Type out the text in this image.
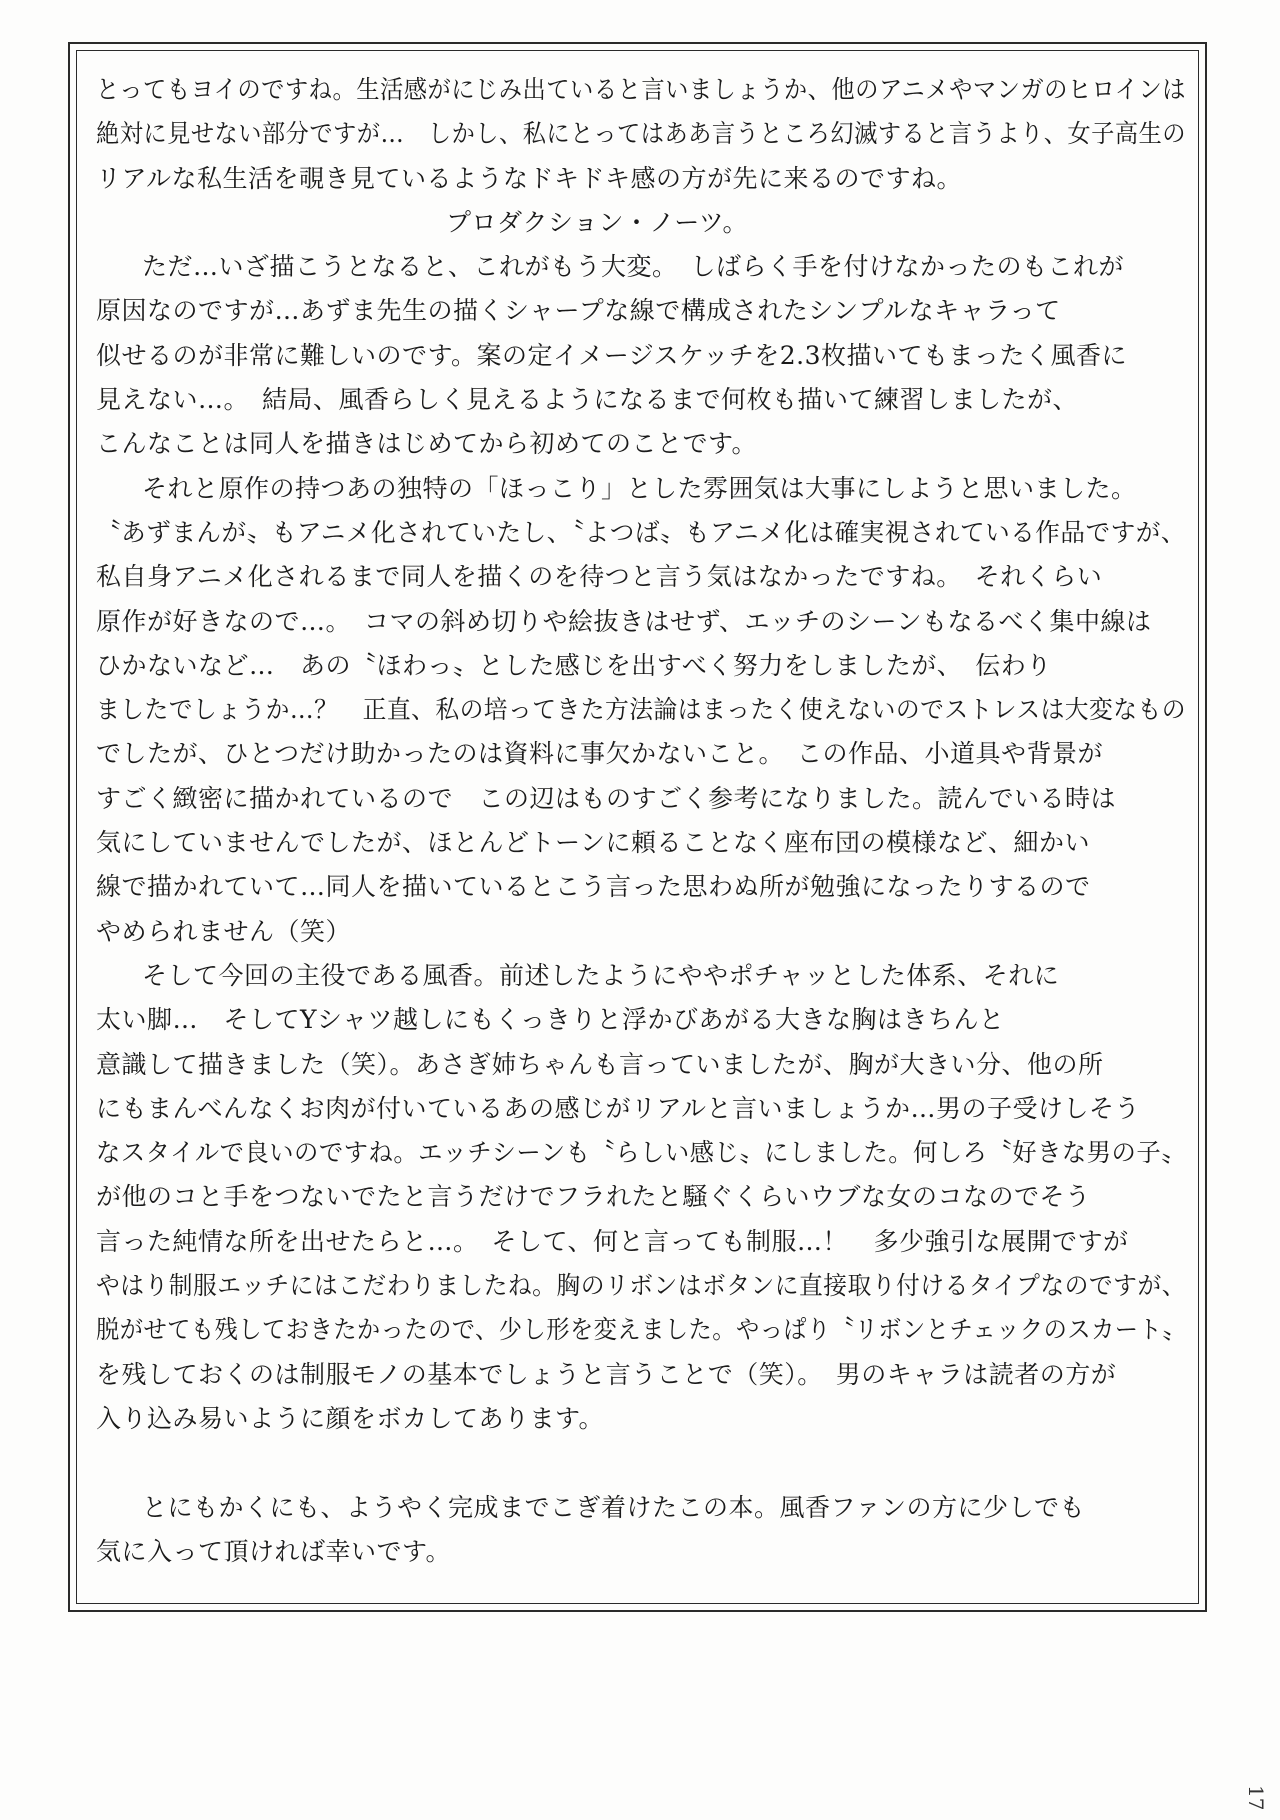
とってもヨイのですね。生活感がにじみ出ていると言いましょうか、他のアニメやマンガのヒロインは
絶対に見せない部分ですが…　しかし、私にとってはああ言うところ幻滅すると言うより、女子高生の
リアルな私生活を覗き見ているようなドキドキ感の方が先に来るのですね。
プロダクション・ノーツ。
ただ…いざ描こうとなると、これがもう大変。　しばらく手を付けなかったのもこれが
原因なのですが…あずま先生の描くシャープな線で構成されたシンプルなキャラって
似せるのが非常に難しいのです。案の定イメージスケッチを2.3枚描いてもまったく風香に
見えない…。　結局、風香らしく見えるようになるまで何枚も描いて練習しましたが、
こんなことは同人を描きはじめてから初めてのことです。
それと原作の持つあの独特の「ほっこり」とした雰囲気は大事にしようと思いました。
〝あずまんが〟もアニメ化されていたし、〝よつば〟もアニメ化は確実視されている作品ですが、
私自身アニメ化されるまで同人を描くのを待つと言う気はなかったですね。　それくらい
原作が好きなので…。　コマの斜め切りや絵抜きはせず、エッチのシーンもなるべく集中線は
ひかないなど…　あの〝ほわっ〟とした感じを出すべく努力をしましたが、　伝わり
ましたでしょうか…？　正直、私の培ってきた方法論はまったく使えないのでストレスは大変なもの
でしたが、ひとつだけ助かったのは資料に事欠かないこと。　この作品、小道具や背景が
すごく緻密に描かれているので　この辺はものすごく参考になりました。読んでいる時は
気にしていませんでしたが、ほとんどトーンに頼ることなく座布団の模様など、細かい
線で描かれていて…同人を描いているとこう言った思わぬ所が勉強になったりするので
やめられません（笑）
そして今回の主役である風香。前述したようにややポチャッとした体系、それに
太い脚…　そしてYシャツ越しにもくっきりと浮かびあがる大きな胸はきちんと
意識して描きました（笑）。あさぎ姉ちゃんも言っていましたが、胸が大きい分、他の所
にもまんべんなくお肉が付いているあの感じがリアルと言いましょうか…男の子受けしそう
なスタイルで良いのですね。エッチシーンも〝らしい感じ〟にしました。何しろ〝好きな男の子〟
が他のコと手をつないでたと言うだけでフラれたと騒ぐくらいウブな女のコなのでそう
言った純情な所を出せたらと…。　そして、何と言っても制服…！　多少強引な展開ですが
やはり制服エッチにはこだわりましたね。胸のリボンはボタンに直接取り付けるタイプなのですが、
脱がせても残しておきたかったので、少し形を変えました。やっぱり〝リボンとチェックのスカート〟
を残しておくのは制服モノの基本でしょうと言うことで（笑）。　男のキャラは読者の方が
入り込み易いように顔をボカしてあります。
とにもかくにも、ようやく完成までこぎ着けたこの本。風香ファンの方に少しでも
気に入って頂ければ幸いです。
17
